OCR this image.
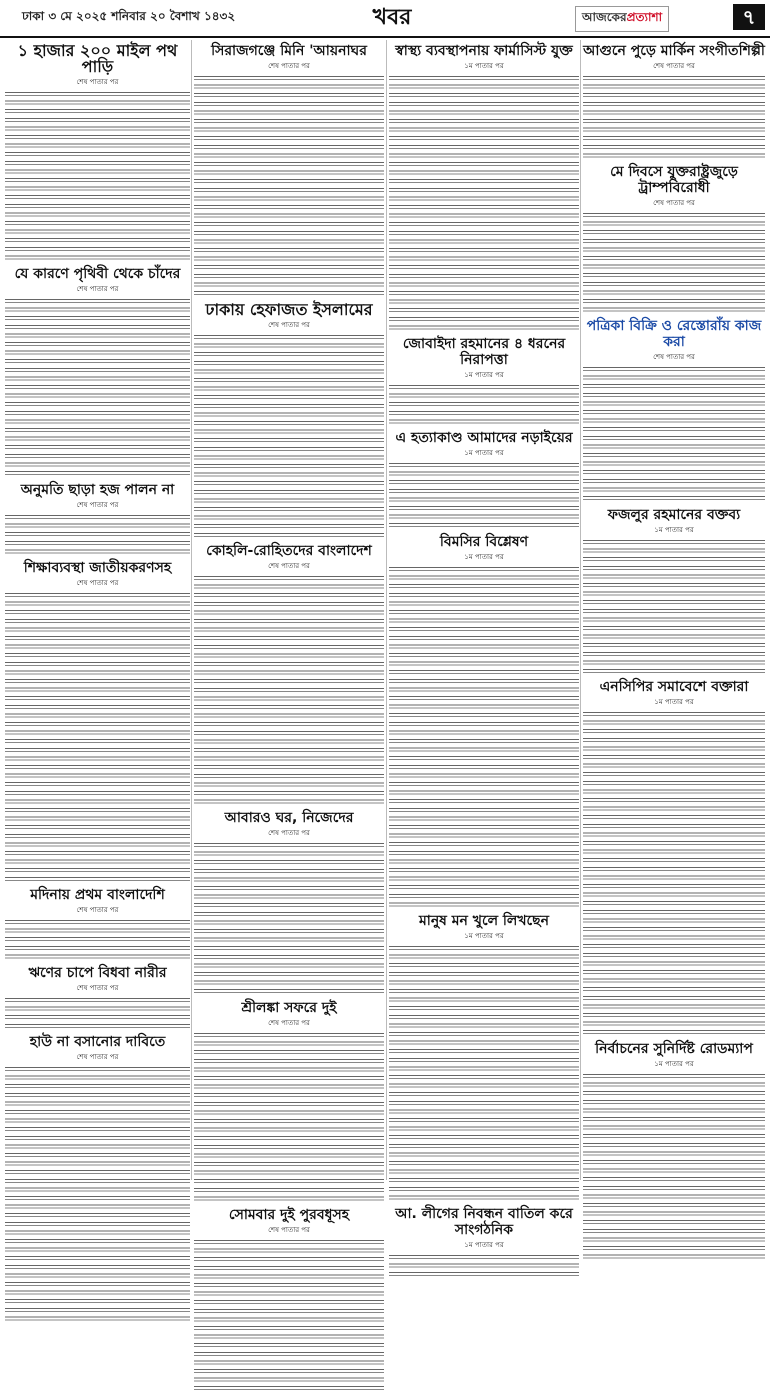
ঢাকা ৩ মে ২০২৫ শনিবার ২০ বৈশাখ ১৪৩২	খবর	আজকেরপ্রত্যাশা	৭
১ হাজার ২০০ মাইল পথ পাড়ি
শেষ পাতার পর
যে কারণে পৃথিবী থেকে চাঁদের
শেষ পাতার পর
অনুমতি ছাড়া হজ পালন না
শেষ পাতার পর
শিক্ষাব্যবস্থা জাতীয়করণসহ
শেষ পাতার পর
মদিনায় প্রথম বাংলাদেশি
শেষ পাতার পর
ঋণের চাপে বিধবা নারীর
শেষ পাতার পর
হাউ না বসানোর দাবিতে
শেষ পাতার পর
সিরাজগঞ্জে মিনি 'আয়নাঘর
শেষ পাতার পর
ঢাকায় হেফাজত ইসলামের
শেষ পাতার পর
কোহলি-রোহিতদের বাংলাদেশ
শেষ পাতার পর
আবারও ঘর, নিজেদের
শেষ পাতার পর
শ্রীলঙ্কা সফরে দুই
শেষ পাতার পর
সোমবার দুই পুরবধূসহ
শেষ পাতার পর
স্বাস্থ্য ব্যবস্থাপনায় ফার্মাসিস্ট যুক্ত
১ম পাতার পর
জোবাইদা রহমানের ৪ ধরনের নিরাপত্তা
১ম পাতার পর
এ হত্যাকাণ্ড আমাদের নড়াইয়ের
১ম পাতার পর
বিমসির বিশ্লেষণ
১ম পাতার পর
মানুষ মন খুলে লিখছেন
১ম পাতার পর
আ. লীগের নিবন্ধন বাতিল করে সাংগঠনিক
১ম পাতার পর
আগুনে পুড়ে মার্কিন সংগীতশিল্পী
শেষ পাতার পর
মে দিবসে যুক্তরাষ্ট্রজুড়ে ট্রাম্পবিরোধী
শেষ পাতার পর
পত্রিকা বিক্রি ও রেস্তোরাঁয় কাজ করা
শেষ পাতার পর
ফজলুর রহমানের বক্তব্য
১ম পাতার পর
এনসিপির সমাবেশে বক্তারা
১ম পাতার পর
নির্বাচনের সুনির্দিষ্ট রোডম্যাপ
১ম পাতার পর
